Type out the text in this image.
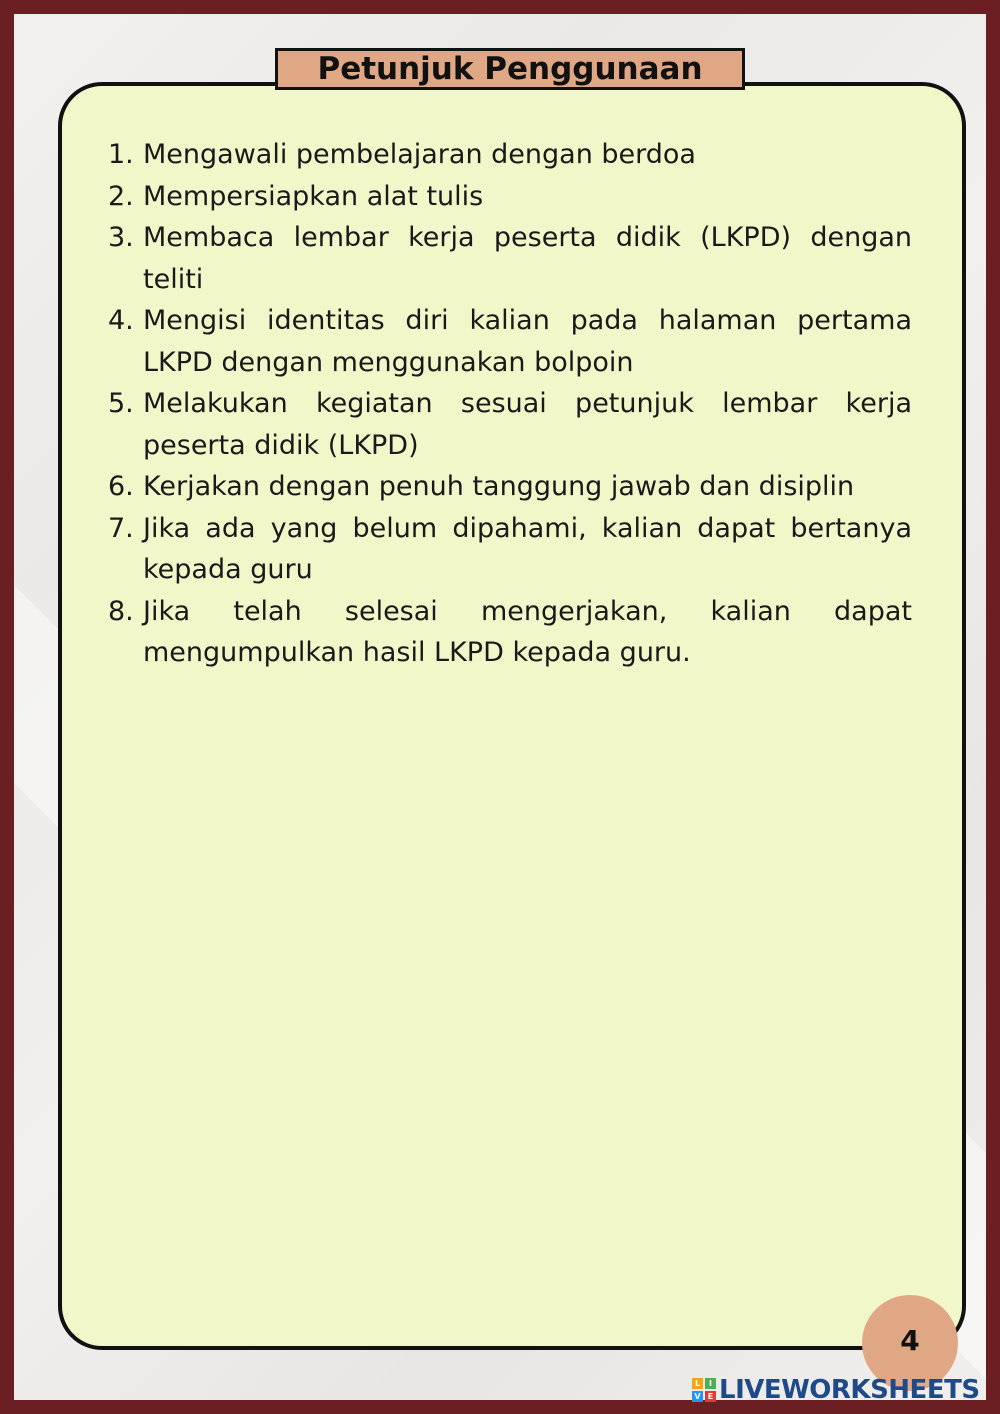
Petunjuk Penggunaan
1. Mengawali pembelajaran dengan berdoa
2. Mempersiapkan alat tulis
3. Membaca lembar kerja peserta didik (LKPD) dengan teliti
4. Mengisi identitas diri kalian pada halaman pertama LKPD dengan menggunakan bolpoin
5. Melakukan kegiatan sesuai petunjuk lembar kerja peserta didik (LKPD)
6. Kerjakan dengan penuh tanggung jawab dan disiplin
7. Jika ada yang belum dipahami, kalian dapat bertanya kepada guru
8. Jika telah selesai mengerjakan, kalian dapat mengumpulkan hasil LKPD kepada guru.
4
L	I
V E LIVEWORKSHEETS
